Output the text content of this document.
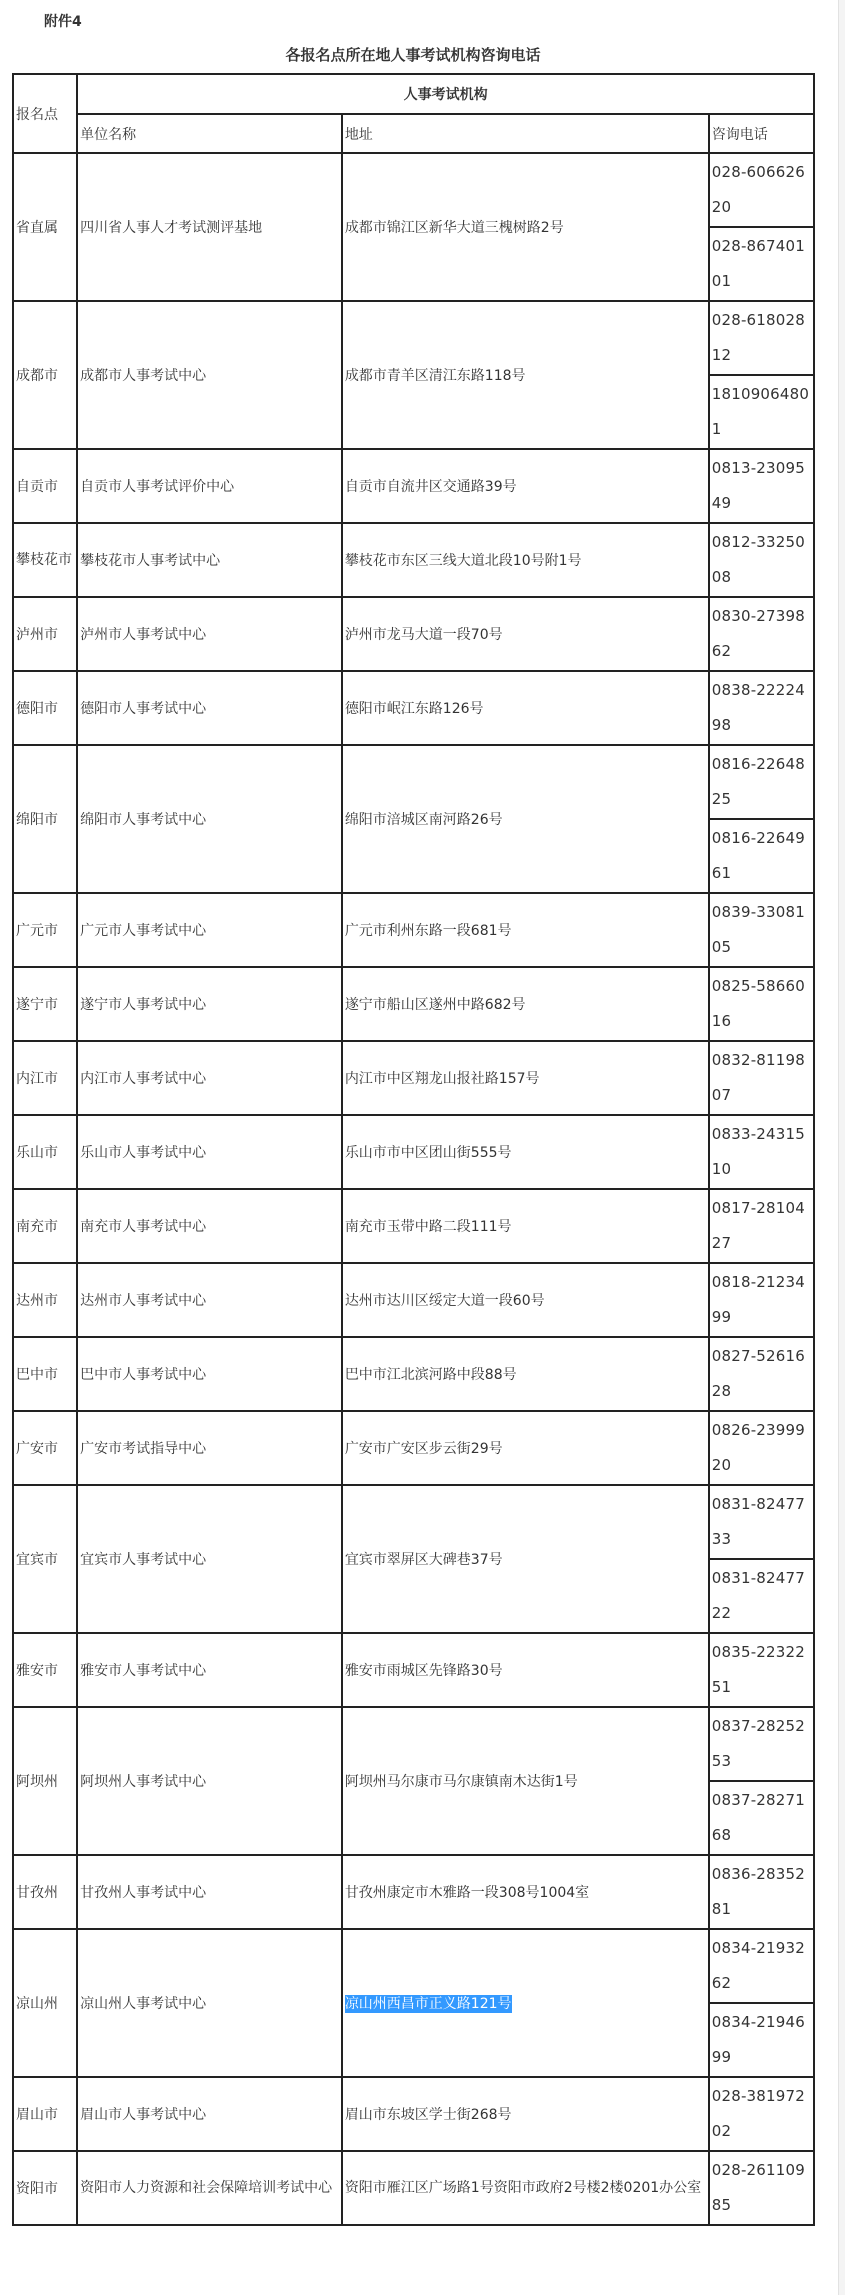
附件4
各报名点所在地人事考试机构咨询电话
报名点	人事考试机构		
	单位名称	地址	咨询电话
省直属	四川省人事人才考试测评基地	成都市锦江区新华大道三槐树路2号	028-60662620
			028-86740101
成都市	成都市人事考试中心	成都市青羊区清江东路118号	028-61802812
			18109064801
自贡市	自贡市人事考试评价中心	自贡市自流井区交通路39号	0813-2309549
攀枝花市	攀枝花市人事考试中心	攀枝花市东区三线大道北段10号附1号	0812-3325008
泸州市	泸州市人事考试中心	泸州市龙马大道一段70号	0830-2739862
德阳市	德阳市人事考试中心	德阳市岷江东路126号	0838-2222498
绵阳市	绵阳市人事考试中心	绵阳市涪城区南河路26号	0816-2264825
			0816-2264961
广元市	广元市人事考试中心	广元市利州东路一段681号	0839-3308105
遂宁市	遂宁市人事考试中心	遂宁市船山区遂州中路682号	0825-5866016
内江市	内江市人事考试中心	内江市中区翔龙山报社路157号	0832-8119807
乐山市	乐山市人事考试中心	乐山市市中区团山街555号	0833-2431510
南充市	南充市人事考试中心	南充市玉带中路二段111号	0817-2810427
达州市	达州市人事考试中心	达州市达川区绥定大道一段60号	0818-2123499
巴中市	巴中市人事考试中心	巴中市江北滨河路中段88号	0827-5261628
广安市	广安市考试指导中心	广安市广安区步云街29号	0826-2399920
宜宾市	宜宾市人事考试中心	宜宾市翠屏区大碑巷37号	0831-8247733
			0831-8247722
雅安市	雅安市人事考试中心	雅安市雨城区先锋路30号	0835-2232251
阿坝州	阿坝州人事考试中心	阿坝州马尔康市马尔康镇南木达街1号	0837-2825253
			0837-2827168
甘孜州	甘孜州人事考试中心	甘孜州康定市木雅路一段308号1004室	0836-2835281
凉山州	凉山州人事考试中心	凉山州西昌市正义路121号	0834-2193262
			0834-2194699
眉山市	眉山市人事考试中心	眉山市东坡区学士街268号	028-38197202
资阳市	资阳市人力资源和社会保障培训考试中心	资阳市雁江区广场路1号资阳市政府2号楼2楼0201办公室	028-26110985
